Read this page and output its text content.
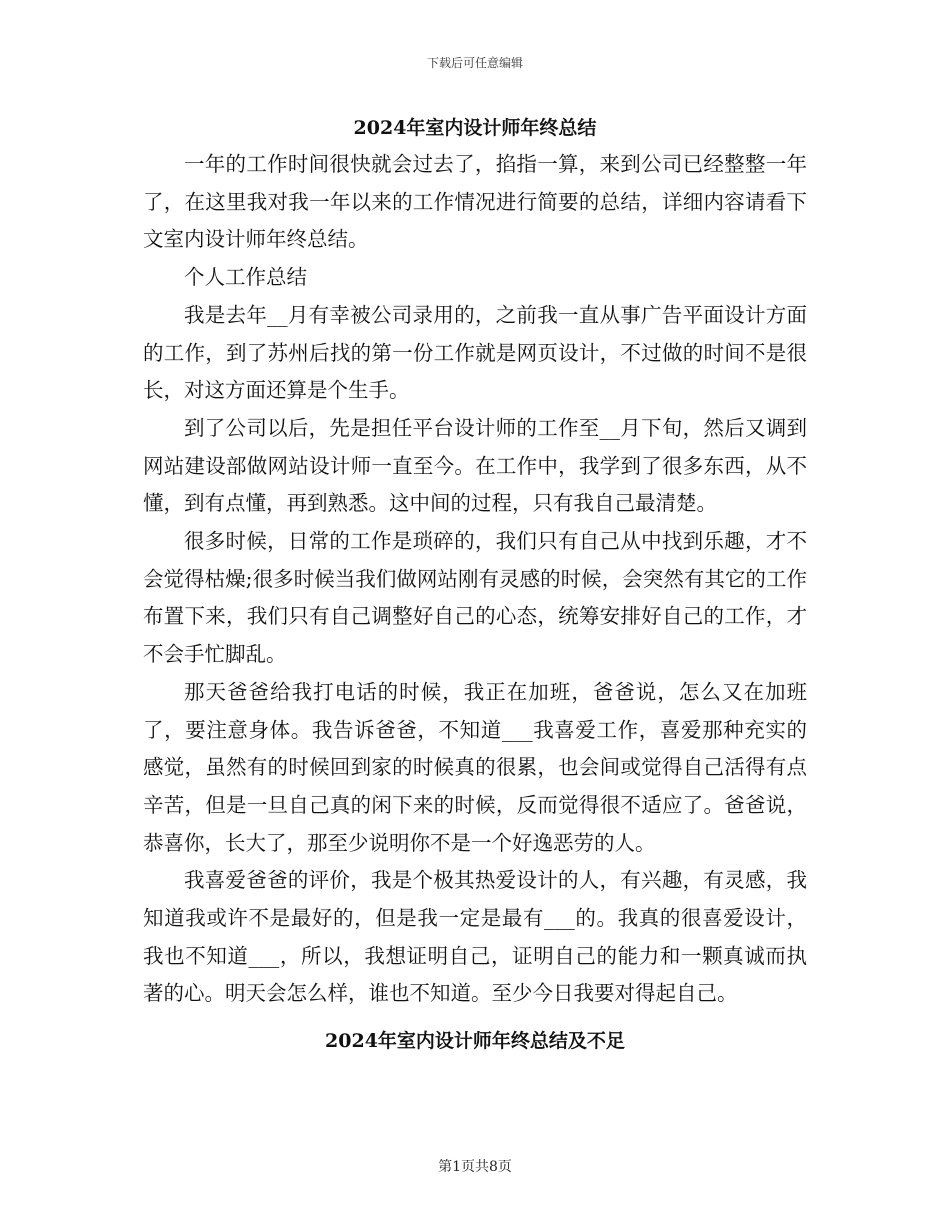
下载后可任意编辑
2024年室内设计师年终总结

一年的工作时间很快就会过去了，掐指一算，来到公司已经整整一年了，在这里我对我一年以来的工作情况进行简要的总结，详细内容请看下文室内设计师年终总结。

个人工作总结

我是去年__月有幸被公司录用的，之前我一直从事广告平面设计方面的工作，到了苏州后找的第一份工作就是网页设计，不过做的时间不是很长，对这方面还算是个生手。

到了公司以后，先是担任平台设计师的工作至__月下旬，然后又调到网站建设部做网站设计师一直至今。在工作中，我学到了很多东西，从不懂，到有点懂，再到熟悉。这中间的过程，只有我自己最清楚。

很多时候，日常的工作是琐碎的，我们只有自己从中找到乐趣，才不会觉得枯燥;很多时候当我们做网站刚有灵感的时候，会突然有其它的工作布置下来，我们只有自己调整好自己的心态，统筹安排好自己的工作，才不会手忙脚乱。

那天爸爸给我打电话的时候，我正在加班，爸爸说，怎么又在加班了，要注意身体。我告诉爸爸，不知道___我喜爱工作，喜爱那种充实的感觉，虽然有的时候回到家的时候真的很累，也会间或觉得自己活得有点辛苦，但是一旦自己真的闲下来的时候，反而觉得很不适应了。爸爸说，恭喜你，长大了，那至少说明你不是一个好逸恶劳的人。

我喜爱爸爸的评价，我是个极其热爱设计的人，有兴趣，有灵感，我知道我或许不是最好的，但是我一定是最有___的。我真的很喜爱设计，我也不知道___，所以，我想证明自己，证明自己的能力和一颗真诚而执著的心。明天会怎么样，谁也不知道。至少今日我要对得起自己。

2024年室内设计师年终总结及不足
第1页共8页
